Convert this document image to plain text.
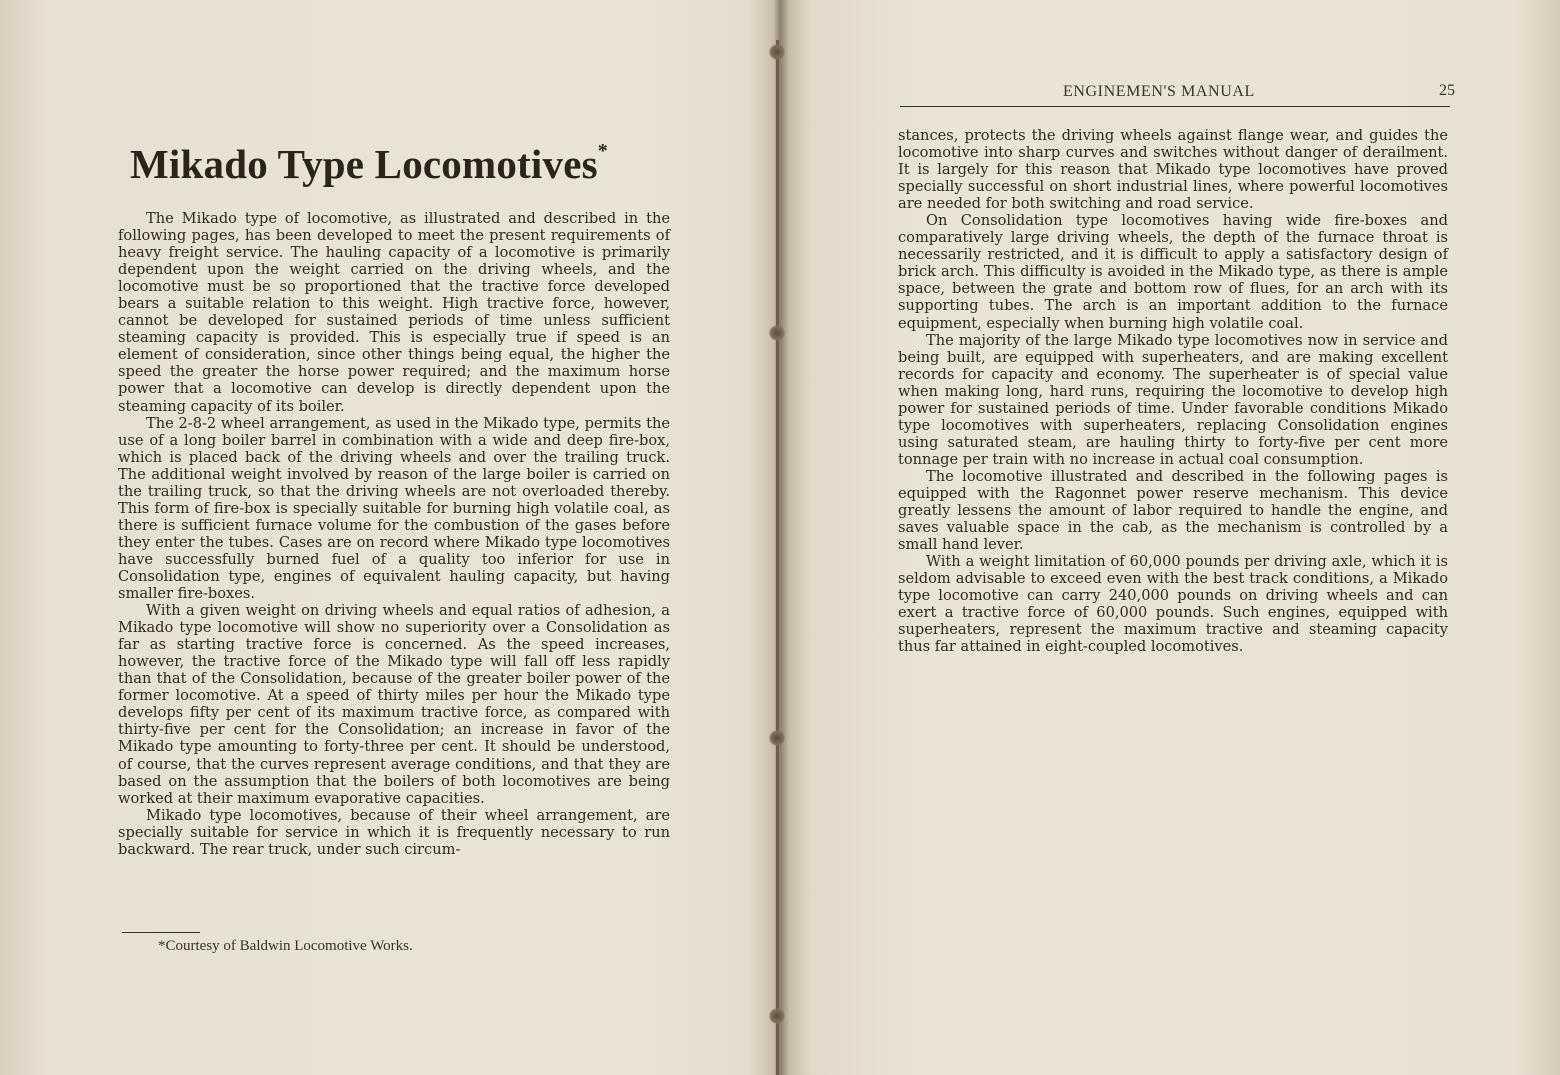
Mikado Type Locomotives*

The Mikado type of locomotive, as illustrated and described in the following pages, has been developed to meet the present requirements of heavy freight service. The hauling capacity of a locomotive is primarily dependent upon the weight carried on the driving wheels, and the locomotive must be so proportioned that the tractive force developed bears a suitable relation to this weight. High tractive force, however, cannot be developed for sustained periods of time unless sufficient steaming capacity is provided. This is especially true if speed is an element of consideration, since other things being equal, the higher the speed the greater the horse power required; and the maximum horse power that a locomotive can develop is directly dependent upon the steaming capacity of its boiler.

The 2-8-2 wheel arrangement, as used in the Mikado type, permits the use of a long boiler barrel in combination with a wide and deep fire-box, which is placed back of the driving wheels and over the trailing truck. The additional weight involved by reason of the large boiler is carried on the trailing truck, so that the driving wheels are not overloaded thereby. This form of fire-box is specially suitable for burning high volatile coal, as there is sufficient furnace volume for the combustion of the gases before they enter the tubes. Cases are on record where Mikado type locomotives have successfully burned fuel of a quality too inferior for use in Consolidation type, engines of equivalent hauling capacity, but having smaller fire-boxes.

With a given weight on driving wheels and equal ratios of adhesion, a Mikado type locomotive will show no superiority over a Consolidation as far as starting tractive force is concerned. As the speed increases, however, the tractive force of the Mikado type will fall off less rapidly than that of the Consolidation, because of the greater boiler power of the former locomotive. At a speed of thirty miles per hour the Mikado type develops fifty per cent of its maximum tractive force, as compared with thirty-five per cent for the Consolidation; an increase in favor of the Mikado type amounting to forty-three per cent. It should be understood, of course, that the curves represent average conditions, and that they are based on the assumption that the boilers of both locomotives are being worked at their maximum evaporative capacities.

Mikado type locomotives, because of their wheel arrangement, are specially suitable for service in which it is frequently necessary to run backward. The rear truck, under such circum-

*Courtesy of Baldwin Locomotive Works.
ENGINEMEN'S MANUAL	25

stances, protects the driving wheels against flange wear, and guides the locomotive into sharp curves and switches without danger of derailment. It is largely for this reason that Mikado type locomotives have proved specially successful on short industrial lines, where powerful locomotives are needed for both switching and road service.

On Consolidation type locomotives having wide fire-boxes and comparatively large driving wheels, the depth of the furnace throat is necessarily restricted, and it is difficult to apply a satisfactory design of brick arch. This difficulty is avoided in the Mikado type, as there is ample space, between the grate and bottom row of flues, for an arch with its supporting tubes. The arch is an important addition to the furnace equipment, especially when burning high volatile coal.

The majority of the large Mikado type locomotives now in service and being built, are equipped with superheaters, and are making excellent records for capacity and economy. The superheater is of special value when making long, hard runs, requiring the locomotive to develop high power for sustained periods of time. Under favorable conditions Mikado type locomotives with superheaters, replacing Consolidation engines using saturated steam, are hauling thirty to forty-five per cent more tonnage per train with no increase in actual coal consumption.

The locomotive illustrated and described in the following pages is equipped with the Ragonnet power reserve mechanism. This device greatly lessens the amount of labor required to handle the engine, and saves valuable space in the cab, as the mechanism is controlled by a small hand lever.

With a weight limitation of 60,000 pounds per driving axle, which it is seldom advisable to exceed even with the best track conditions, a Mikado type locomotive can carry 240,000 pounds on driving wheels and can exert a tractive force of 60,000 pounds. Such engines, equipped with superheaters, represent the maximum tractive and steaming capacity thus far attained in eight-coupled locomotives.
